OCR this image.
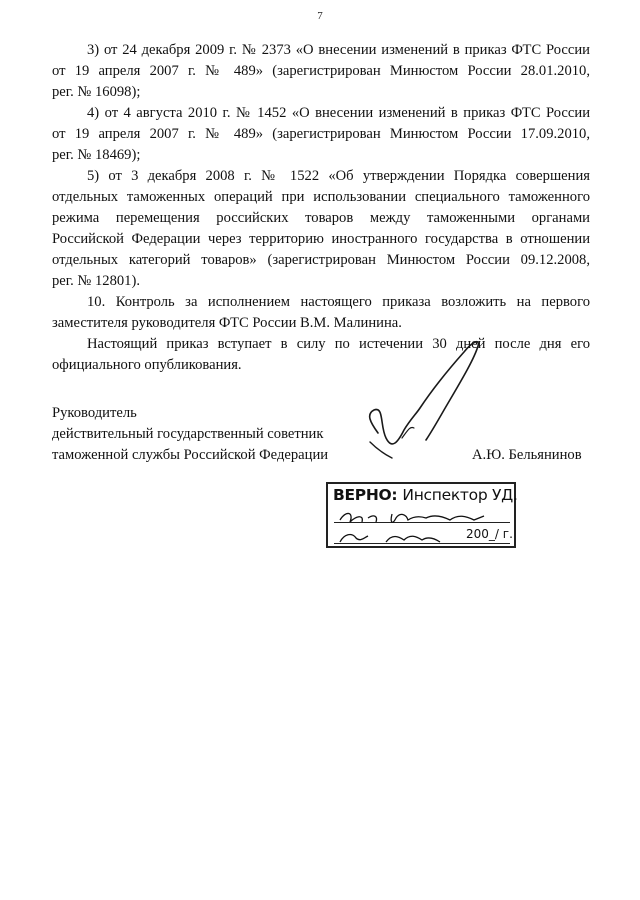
7
3) от 24 декабря 2009 г. № 2373 «О внесении изменений в приказ ФТС России
от 19 апреля 2007 г. № 489» (зарегистрирован Минюстом России 28.01.2010,
рег. № 16098);
4) от 4 августа 2010 г. № 1452 «О внесении изменений в приказ ФТС России
от 19 апреля 2007 г. № 489» (зарегистрирован Минюстом России 17.09.2010,
рег. № 18469);
5) от 3 декабря 2008 г. № 1522 «Об утверждении Порядка совершения
отдельных таможенных операций при использовании специального таможенного
режима перемещения российских товаров между таможенными органами
Российской Федерации через территорию иностранного государства в отношении
отдельных категорий товаров» (зарегистрирован Минюстом России 09.12.2008,
рег. № 12801).
10. Контроль за исполнением настоящего приказа возложить на первого
заместителя руководителя ФТС России В.М. Малинина.
Настоящий приказ вступает в силу по истечении 30 дней после дня его
официального опубликования.
Руководитель
действительный государственный советник
таможенной службы Российской Федерации	А.Ю. Бельянинов
ВЕРНО: Инспектор УД.
200_/ г.
